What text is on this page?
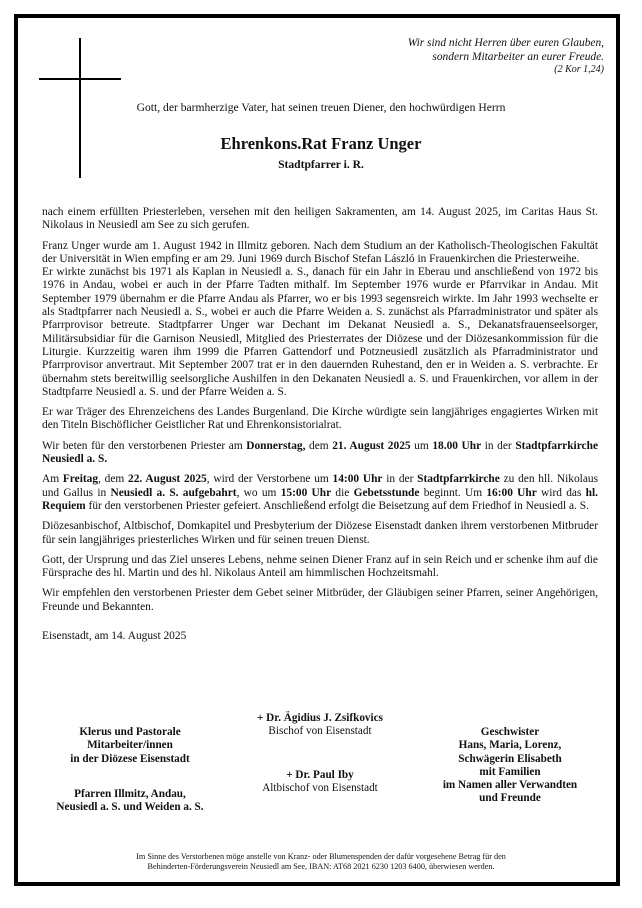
Wir sind nicht Herren über euren Glauben,
sondern Mitarbeiter an eurer Freude.
(2 Kor 1,24)
Gott, der barmherzige Vater, hat seinen treuen Diener, den hochwürdigen Herrn
Ehrenkons.Rat Franz Unger
Stadtpfarrer i. R.

nach einem erfüllten Priesterleben, versehen mit den heiligen Sakramenten, am 14. August 2025, im Caritas Haus St. Nikolaus in Neusiedl am See zu sich gerufen.

Franz Unger wurde am 1. August 1942 in Illmitz geboren. Nach dem Studium an der Katholisch-Theologischen Fakultät der Universität in Wien empfing er am 29. Juni 1969 durch Bischof Stefan László in Frauenkirchen die Priesterweihe.

Er wirkte zunächst bis 1971 als Kaplan in Neusiedl a. S., danach für ein Jahr in Eberau und anschließend von 1972 bis 1976 in Andau, wobei er auch in der Pfarre Tadten mithalf. Im September 1976 wurde er Pfarrvikar in Andau. Mit September 1979 übernahm er die Pfarre Andau als Pfarrer, wo er bis 1993 segensreich wirkte. Im Jahr 1993 wechselte er als Stadtpfarrer nach Neusiedl a. S., wobei er auch die Pfarre Weiden a. S. zunächst als Pfarradministrator und später als Pfarrprovisor betreute. Stadtpfarrer Unger war Dechant im Dekanat Neusiedl a. S., Dekanatsfrauenseelsorger, Militärsubsidiar für die Garnison Neusiedl, Mitglied des Priesterrates der Diözese und der Diözesankommission für die Liturgie. Kurzzeitig waren ihm 1999 die Pfarren Gattendorf und Potzneusiedl zusätzlich als Pfarradministrator und Pfarrprovisor anvertraut. Mit September 2007 trat er in den dauernden Ruhestand, den er in Weiden a. S. verbrachte. Er übernahm stets bereitwillig seelsorgliche Aushilfen in den Dekanaten Neusiedl a. S. und Frauenkirchen, vor allem in der Stadtpfarre Neusiedl a. S. und der Pfarre Weiden a. S.

Er war Träger des Ehrenzeichens des Landes Burgenland. Die Kirche würdigte sein langjähriges engagiertes Wirken mit den Titeln Bischöflicher Geistlicher Rat und Ehrenkonsistorialrat.

Wir beten für den verstorbenen Priester am Donnerstag, dem 21. August 2025 um 18.00 Uhr in der Stadtpfarrkirche Neusiedl a. S.

Am Freitag, dem 22. August 2025, wird der Verstorbene um 14:00 Uhr in der Stadtpfarrkirche zu den hll. Nikolaus und Gallus in Neusiedl a. S. aufgebahrt, wo um 15:00 Uhr die Gebetsstunde beginnt. Um 16:00 Uhr wird das hl. Requiem für den verstorbenen Priester gefeiert. Anschließend erfolgt die Beisetzung auf dem Friedhof in Neusiedl a. S.

Diözesanbischof, Altbischof, Domkapitel und Presbyterium der Diözese Eisenstadt danken ihrem verstorbenen Mitbruder für sein langjähriges priesterliches Wirken und für seinen treuen Dienst.

Gott, der Ursprung und das Ziel unseres Lebens, nehme seinen Diener Franz auf in sein Reich und er schenke ihm auf die Fürsprache des hl. Martin und des hl. Nikolaus Anteil am himmlischen Hochzeitsmahl.

Wir empfehlen den verstorbenen Priester dem Gebet seiner Mitbrüder, der Gläubigen seiner Pfarren, seiner Angehörigen, Freunde und Bekannten.

Eisenstadt, am 14. August 2025

Klerus und Pastorale
Mitarbeiter/innen
in der Diözese Eisenstadt
Pfarren Illmitz, Andau,
Neusiedl a. S. und Weiden a. S.
+ Dr. Ägidius J. Zsifkovics
Bischof von Eisenstadt
+ Dr. Paul Iby
Altbischof von Eisenstadt
Geschwister
Hans, Maria, Lorenz,
Schwägerin Elisabeth
mit Familien
im Namen aller Verwandten
und Freunde
Im Sinne des Verstorbenen möge anstelle von Kranz- oder Blumenspenden der dafür vorgesehene Betrag für den
Behinderten-Förderungsverein Neusiedl am See, IBAN: AT68 2021 6230 1203 6400, überwiesen werden.
